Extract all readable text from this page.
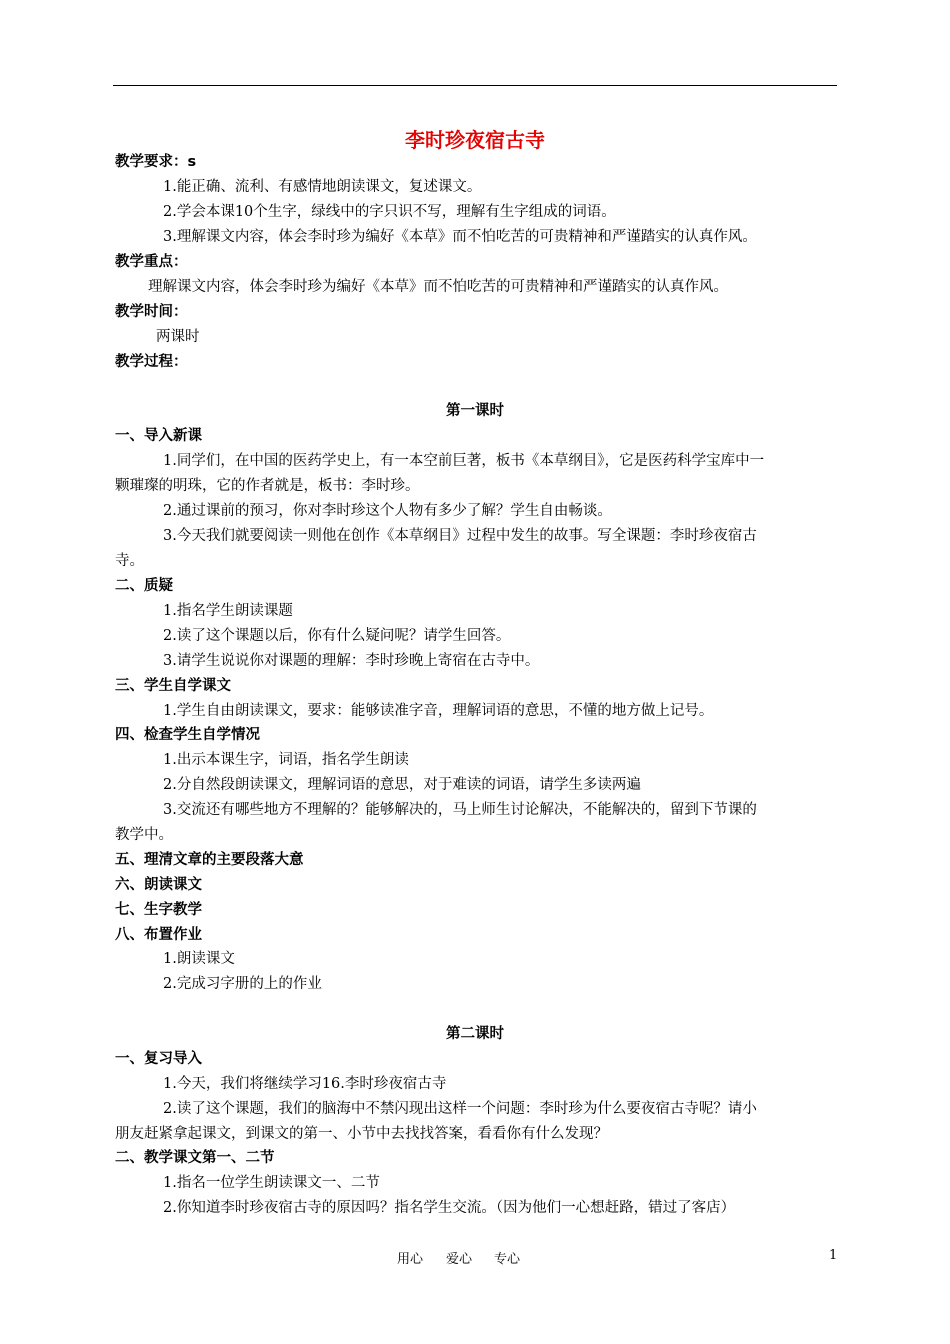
李时珍夜宿古寺
教学要求：s
1.能正确、流利、有感情地朗读课文，复述课文。
2.学会本课10个生字，绿线中的字只识不写，理解有生字组成的词语。
3.理解课文内容，体会李时珍为编好《本草》而不怕吃苦的可贵精神和严谨踏实的认真作风。
教学重点：
理解课文内容，体会李时珍为编好《本草》而不怕吃苦的可贵精神和严谨踏实的认真作风。
教学时间：
两课时
教学过程：
第一课时
一、导入新课
1.同学们，在中国的医药学史上，有一本空前巨著，板书《本草纲目》，它是医药科学宝库中一
颗璀璨的明珠，它的作者就是，板书：李时珍。
2.通过课前的预习，你对李时珍这个人物有多少了解？学生自由畅谈。
3.今天我们就要阅读一则他在创作《本草纲目》过程中发生的故事。写全课题：李时珍夜宿古
寺。
二、质疑
1.指名学生朗读课题
2.读了这个课题以后，你有什么疑问呢？请学生回答。
3.请学生说说你对课题的理解：李时珍晚上寄宿在古寺中。
三、学生自学课文
1.学生自由朗读课文，要求：能够读准字音，理解词语的意思，不懂的地方做上记号。
四、检查学生自学情况
1.出示本课生字，词语，指名学生朗读
2.分自然段朗读课文，理解词语的意思，对于难读的词语，请学生多读两遍
3.交流还有哪些地方不理解的？能够解决的，马上师生讨论解决，不能解决的，留到下节课的
教学中。
五、理清文章的主要段落大意
六、朗读课文
七、生字教学
八、布置作业
1.朗读课文
2.完成习字册的上的作业
第二课时
一、复习导入
1.今天，我们将继续学习16.李时珍夜宿古寺
2.读了这个课题，我们的脑海中不禁闪现出这样一个问题：李时珍为什么要夜宿古寺呢？请小
朋友赶紧拿起课文，到课文的第一、小节中去找找答案，看看你有什么发现？
二、教学课文第一、二节
1.指名一位学生朗读课文一、二节
2.你知道李时珍夜宿古寺的原因吗？指名学生交流。（因为他们一心想赶路，错过了客店）
用心 爱心 专心	1
